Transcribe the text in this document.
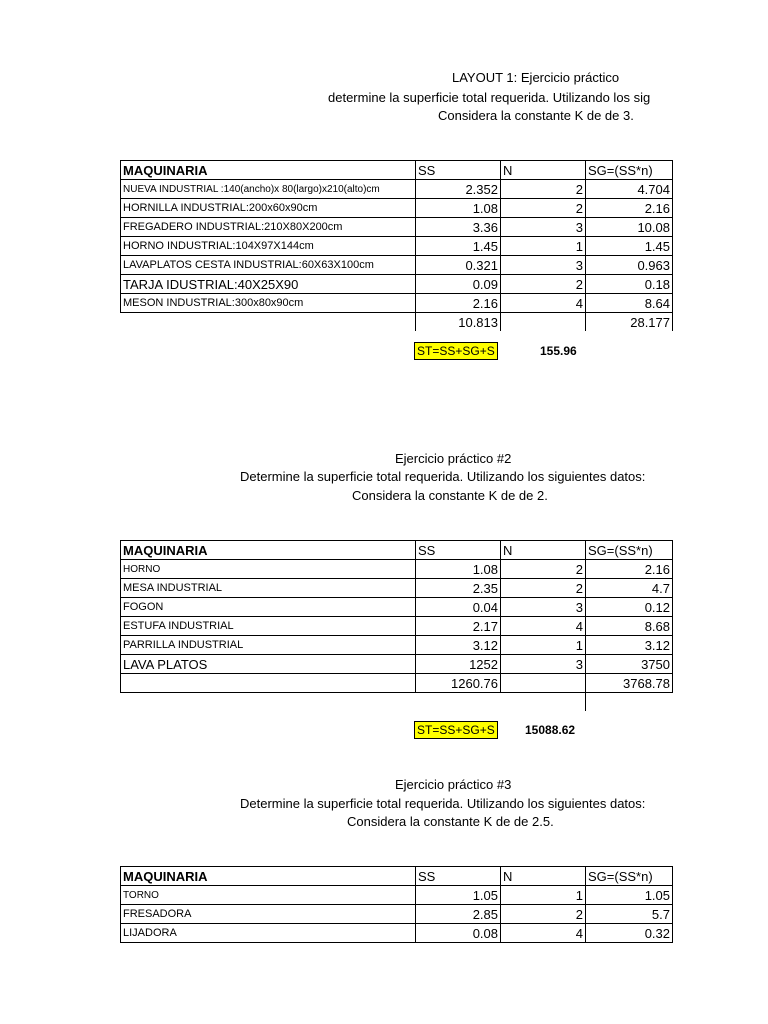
LAYOUT 1: Ejercicio práctico
determine la superficie total requerida. Utilizando los sig
Considera la constante K de de 3.
MAQUINARIA	SS	N	SG=(SS*n)
NUEVA INDUSTRIAL :140(ancho)x 80(largo)x210(alto)cm	2.352	2	4.704
HORNILLA INDUSTRIAL:200x60x90cm	1.08	2	2.16
FREGADERO INDUSTRIAL:210X80X200cm	3.36	3	10.08
HORNO INDUSTRIAL:104X97X144cm	1.45	1	1.45
LAVAPLATOS CESTA INDUSTRIAL:60X63X100cm	0.321	3	0.963
TARJA IDUSTRIAL:40X25X90	0.09	2	0.18
MESON INDUSTRIAL:300x80x90cm	2.16	4	8.64
	10.813		28.177
ST=SS+SG+S	155.96
Ejercicio práctico #2
Determine la superficie total requerida. Utilizando los siguientes datos:
Considera la constante K de de 2.
MAQUINARIA	SS	N	SG=(SS*n)
HORNO	1.08	2	2.16
MESA INDUSTRIAL	2.35	2	4.7
FOGON	0.04	3	0.12
ESTUFA INDUSTRIAL	2.17	4	8.68
PARRILLA INDUSTRIAL	3.12	1	3.12
LAVA PLATOS	1252	3	3750
	1260.76		3768.78

ST=SS+SG+S	15088.62
Ejercicio práctico #3
Determine la superficie total requerida. Utilizando los siguientes datos:
Considera la constante K de de 2.5.
MAQUINARIA	SS	N	SG=(SS*n)
TORNO	1.05	1	1.05
FRESADORA	2.85	2	5.7
LIJADORA	0.08	4	0.32
